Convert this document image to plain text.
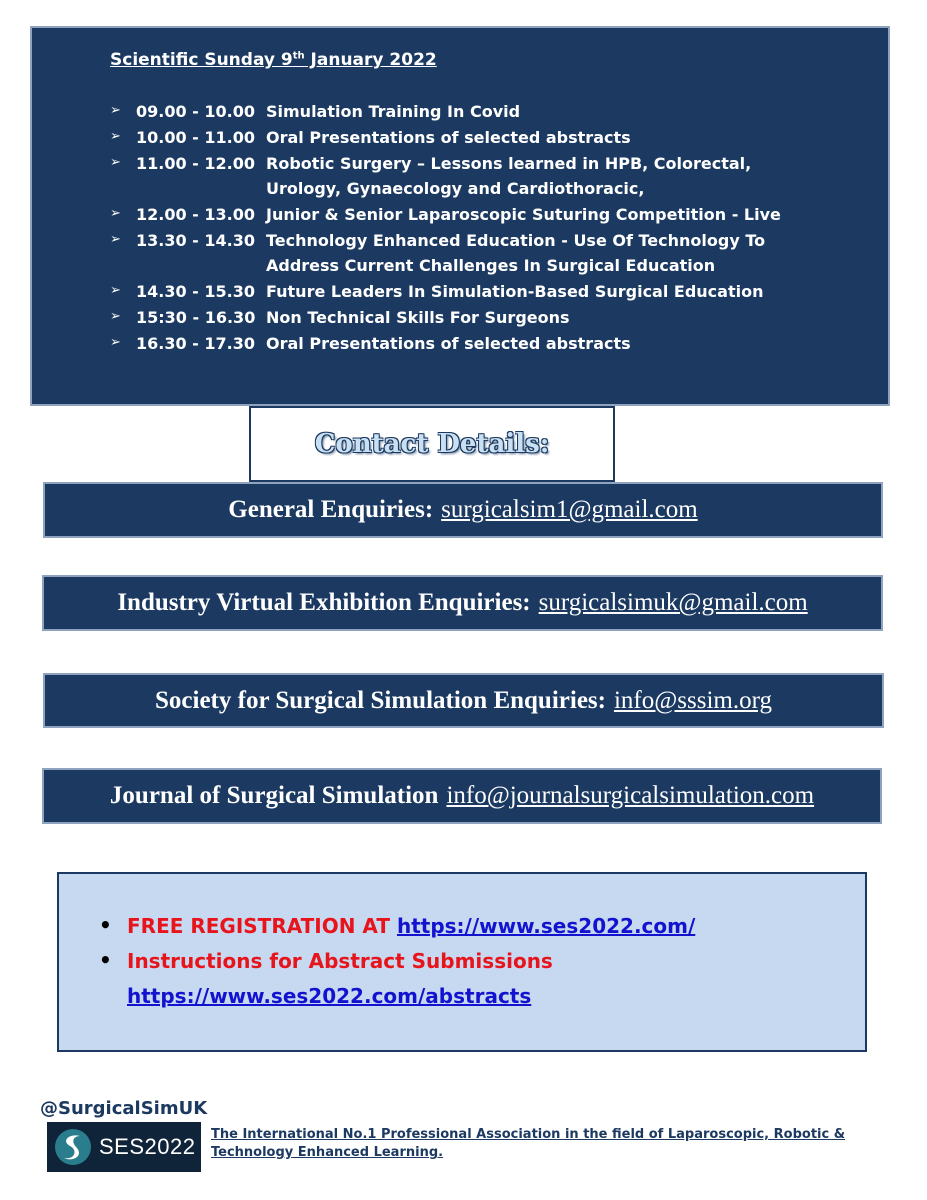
Scientific Sunday 9th January 2022
➢ 09.00 - 10.00 Simulation Training In Covid
➢ 10.00 - 11.00 Oral Presentations of selected abstracts
➢ 11.00 - 12.00 Robotic Surgery – Lessons learned in HPB, Colorectal,
Urology, Gynaecology and Cardiothoracic,
➢ 12.00 - 13.00 Junior & Senior Laparoscopic Suturing Competition - Live
➢ 13.30 - 14.30 Technology Enhanced Education - Use Of Technology To
Address Current Challenges In Surgical Education
➢ 14.30 - 15.30 Future Leaders In Simulation-Based Surgical Education
➢ 15:30 - 16.30 Non Technical Skills For Surgeons
➢ 16.30 - 17.30 Oral Presentations of selected abstracts
Contact Details:
General Enquiries: surgicalsim1@gmail.com
Industry Virtual Exhibition Enquiries: surgicalsimuk@gmail.com
Society for Surgical Simulation Enquiries: info@sssim.org
Journal of Surgical Simulation info@journalsurgicalsimulation.com
• FREE REGISTRATION AT https://www.ses2022.com/
• Instructions for Abstract Submissions
https://www.ses2022.com/abstracts
@SurgicalSimUK
SES2022 The International No.1 Professional Association in the field of Laparoscopic, Robotic & Technology Enhanced Learning.
